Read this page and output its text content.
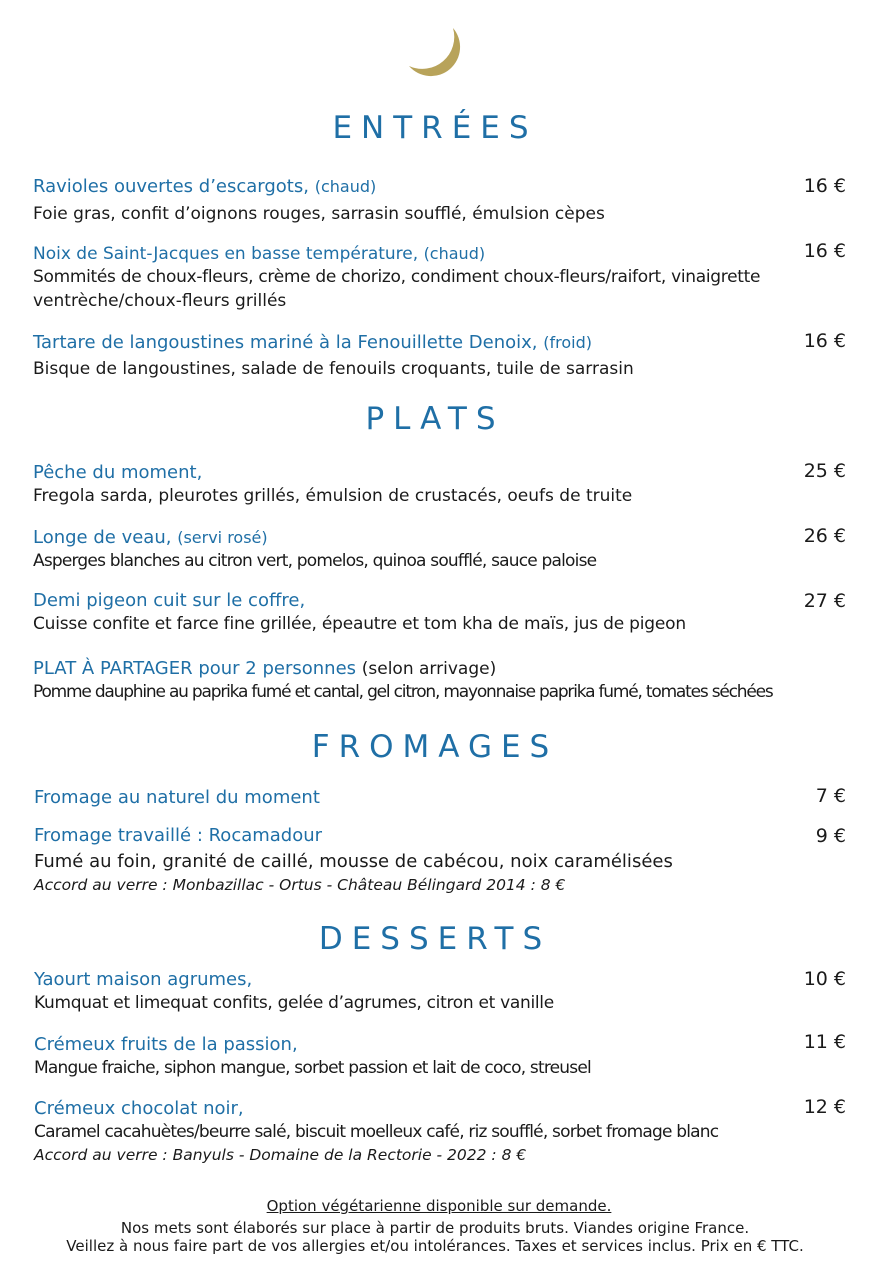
ENTRÉES
Ravioles ouvertes d’escargots, (chaud)
Foie gras, confit d’oignons rouges, sarrasin soufflé, émulsion cèpes
16 €
Noix de Saint-Jacques en basse température, (chaud)
Sommités de choux-fleurs, crème de chorizo, condiment choux-fleurs/raifort, vinaigrette
ventrèche/choux-fleurs grillés
16 €
Tartare de langoustines mariné à la Fenouillette Denoix, (froid)
Bisque de langoustines, salade de fenouils croquants, tuile de sarrasin
16 €
PLATS
Pêche du moment,
Fregola sarda, pleurotes grillés, émulsion de crustacés, oeufs de truite
25 €
Longe de veau, (servi rosé)
Asperges blanches au citron vert, pomelos, quinoa soufflé, sauce paloise
26 €
Demi pigeon cuit sur le coffre,
Cuisse confite et farce fine grillée, épeautre et tom kha de maïs, jus de pigeon
27 €
PLAT À PARTAGER pour 2 personnes (selon arrivage)
Pomme dauphine au paprika fumé et cantal, gel citron, mayonnaise paprika fumé, tomates séchées
FROMAGES
Fromage au naturel du moment	7 €
Fromage travaillé : Rocamadour
Fumé au foin, granité de caillé, mousse de cabécou, noix caramélisées
Accord au verre : Monbazillac - Ortus - Château Bélingard 2014 : 8 €
9 €
DESSERTS
Yaourt maison agrumes,
Kumquat et limequat confits, gelée d’agrumes, citron et vanille
10 €
Crémeux fruits de la passion,
Mangue fraiche, siphon mangue, sorbet passion et lait de coco, streusel
11 €
Crémeux chocolat noir,
Caramel cacahuètes/beurre salé, biscuit moelleux café, riz soufflé, sorbet fromage blanc
Accord au verre : Banyuls - Domaine de la Rectorie - 2022 : 8 €
12 €
Option végétarienne disponible sur demande.
Nos mets sont élaborés sur place à partir de produits bruts. Viandes origine France.
Veillez à nous faire part de vos allergies et/ou intolérances. Taxes et services inclus. Prix en € TTC.
